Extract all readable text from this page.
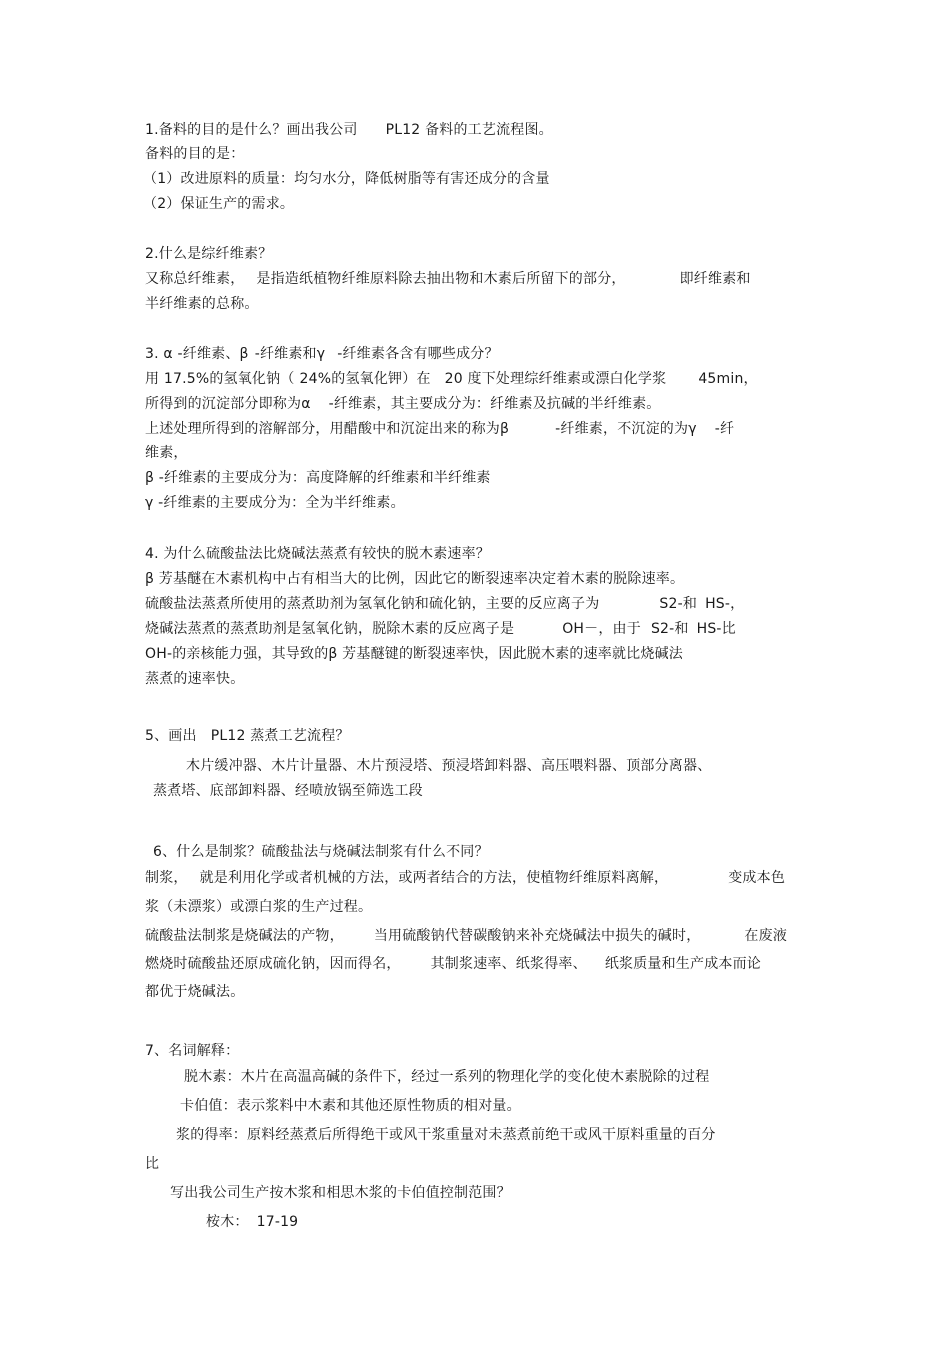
1.备料的目的是什么？画出我公司 PL12 备料的工艺流程图。
备料的目的是：
（1）改进原料的质量：均匀水分，降低树脂等有害还成分的含量
（2）保证生产的需求。
2.什么是综纤维素？
又称总纤维素， 是指造纸植物纤维原料除去抽出物和木素后所留下的部分，	即纤维素和
半纤维素的总称。
3. α -纤维素、β -纤维素和γ -纤维素各含有哪些成分？
用 17.5%的氢氧化钠（ 24%的氢氧化钾）在 20 度下处理综纤维素或漂白化学浆 45min，
所得到的沉淀部分即称为α -纤维素，其主要成分为：纤维素及抗碱的半纤维素。
上述处理所得到的溶解部分，用醋酸中和沉淀出来的称为β	-纤维素，不沉淀的为γ -纤
维素，
β -纤维素的主要成分为：高度降解的纤维素和半纤维素
γ -纤维素的主要成分为：全为半纤维素。
4. 为什么硫酸盐法比烧碱法蒸煮有较快的脱木素速率？
β 芳基醚在木素机构中占有相当大的比例，因此它的断裂速率决定着木素的脱除速率。
硫酸盐法蒸煮所使用的蒸煮助剂为氢氧化钠和硫化钠，主要的反应离子为	S2-和 HS-，
烧碱法蒸煮的蒸煮助剂是氢氧化钠，脱除木素的反应离子是	OH－，由于 S2-和 HS-比
OH-的亲核能力强，其导致的β 芳基醚键的断裂速率快，因此脱木素的速率就比烧碱法
蒸煮的速率快。
5、画出 PL12 蒸煮工艺流程？
木片缓冲器、木片计量器、木片预浸塔、预浸塔卸料器、高压喂料器、顶部分离器、
蒸煮塔、底部卸料器、经喷放锅至筛选工段
6、什么是制浆？硫酸盐法与烧碱法制浆有什么不同？
制浆， 就是利用化学或者机械的方法，或两者结合的方法，使植物纤维原料离解，	变成本色
浆（未漂浆）或漂白浆的生产过程。
硫酸盐法制浆是烧碱法的产物， 当用硫酸钠代替碳酸钠来补充烧碱法中损失的碱时，	在废液
燃烧时硫酸盐还原成硫化钠，因而得名， 其制浆速率、纸浆得率、 纸浆质量和生产成本而论
都优于烧碱法。
7、名词解释：
脱木素：木片在高温高碱的条件下，经过一系列的物理化学的变化使木素脱除的过程
卡伯值：表示浆料中木素和其他还原性物质的相对量。
浆的得率：原料经蒸煮后所得绝干或风干浆重量对未蒸煮前绝干或风干原料重量的百分
比
写出我公司生产按木浆和相思木浆的卡伯值控制范围？
桉木： 17-19
